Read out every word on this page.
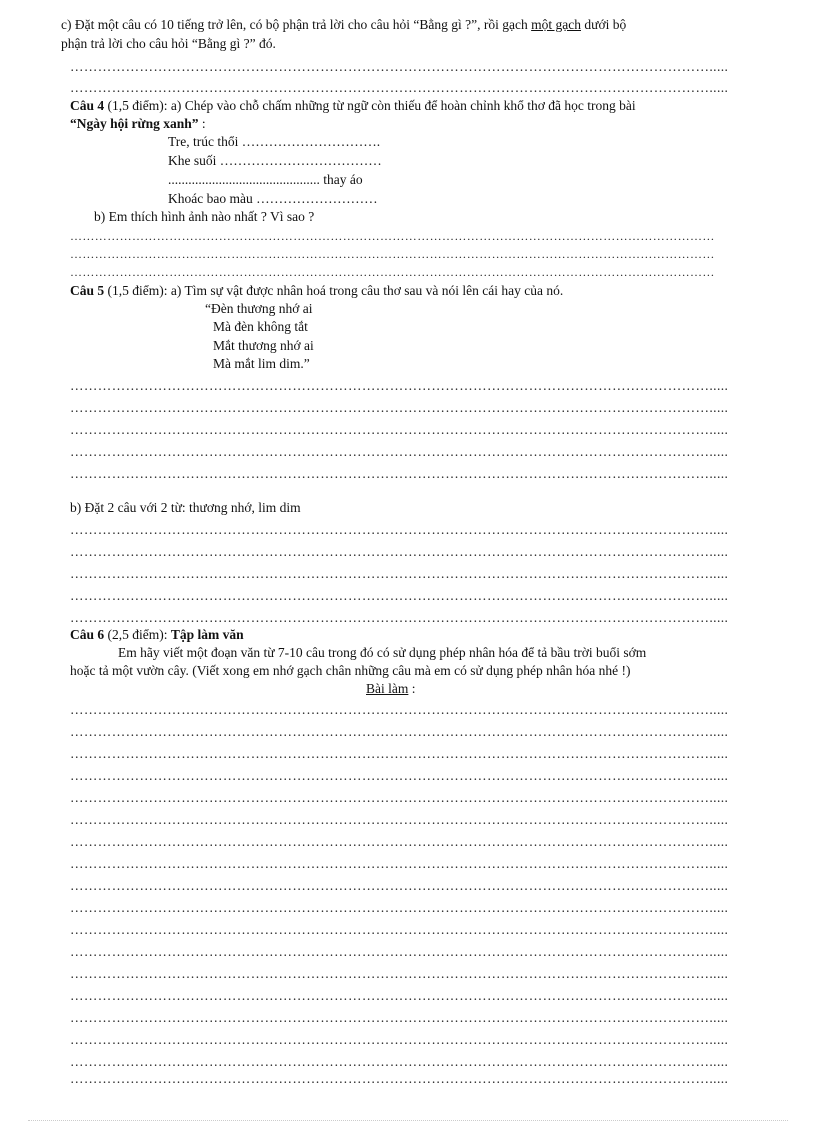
c) Đặt một câu có 10 tiếng trở lên, có bộ phận trả lời cho câu hỏi “Bằng gì ?”, rồi gạch một gạch dưới bộ
phận trả lời cho câu hỏi “Bằng gì ?” đó.
………………………………………………………………………………………………………………………….....
………………………………………………………………………………………………………………………….....
Câu 4 (1,5 điểm): a) Chép vào chỗ chấm những từ ngữ còn thiếu để hoàn chỉnh khổ thơ đã học trong bài
“Ngày hội rừng xanh” :
Tre, trúc thổi ………………………….
Khe suối ………………………………
............................................. thay áo
Khoác bao màu ………………………
b) Em thích hình ảnh nào nhất ? Vì sao ?
…………………………………………………………………………………………………………………………………………
…………………………………………………………………………………………………………………………………………
…………………………………………………………………………………………………………………………………………
Câu 5 (1,5 điểm): a) Tìm sự vật được nhân hoá trong câu thơ sau và nói lên cái hay của nó.
“Đèn thương nhớ ai
Mà đèn không tắt
Mắt thương nhớ ai
Mà mắt lim dim.”
………………………………………………………………………………………………………………………….....
………………………………………………………………………………………………………………………….....
………………………………………………………………………………………………………………………….....
………………………………………………………………………………………………………………………….....
………………………………………………………………………………………………………………………….....
b) Đặt 2 câu với 2 từ: thương nhớ, lim dim
………………………………………………………………………………………………………………………….....
………………………………………………………………………………………………………………………….....
………………………………………………………………………………………………………………………….....
………………………………………………………………………………………………………………………….....
………………………………………………………………………………………………………………………….....
Câu 6 (2,5 điểm): Tập làm văn
Em hãy viết một đoạn văn từ 7-10 câu trong đó có sử dụng phép nhân hóa để tả bầu trời buổi sớm
hoặc tả một vườn cây. (Viết xong em nhớ gạch chân những câu mà em có sử dụng phép nhân hóa nhé !)
Bài làm :
………………………………………………………………………………………………………………………….....
………………………………………………………………………………………………………………………….....
………………………………………………………………………………………………………………………….....
………………………………………………………………………………………………………………………….....
………………………………………………………………………………………………………………………….....
………………………………………………………………………………………………………………………….....
………………………………………………………………………………………………………………………….....
………………………………………………………………………………………………………………………….....
………………………………………………………………………………………………………………………….....
………………………………………………………………………………………………………………………….....
………………………………………………………………………………………………………………………….....
………………………………………………………………………………………………………………………….....
………………………………………………………………………………………………………………………….....
………………………………………………………………………………………………………………………….....
………………………………………………………………………………………………………………………….....
………………………………………………………………………………………………………………………….....
………………………………………………………………………………………………………………………….....
………………………………………………………………………………………………………………………….....
